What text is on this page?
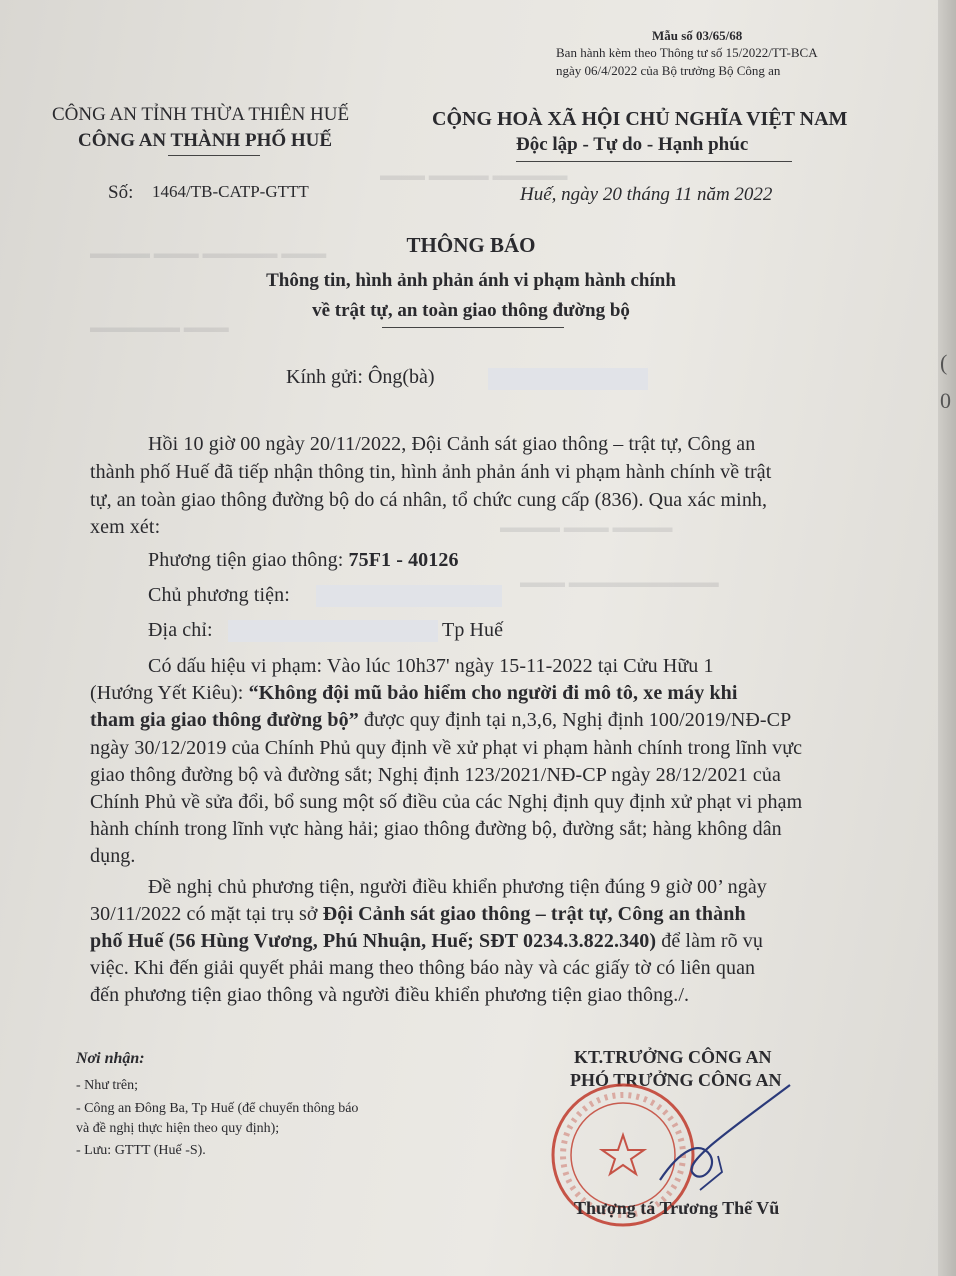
▬▬▬ ▬▬▬▬ ▬▬▬▬▬
▬▬▬▬ ▬▬▬ ▬▬▬▬▬ ▬▬▬
▬▬▬▬▬▬ ▬▬▬
▬▬▬▬ ▬▬▬ ▬▬▬▬
▬▬▬ ▬▬▬▬▬▬▬▬▬▬
Mẫu số 03/65/68
Ban hành kèm theo Thông tư số 15/2022/TT-BCA
ngày 06/4/2022 của Bộ trưởng Bộ Công an
CÔNG AN TỈNH THỪA THIÊN HUẾ
CÔNG AN THÀNH PHỐ HUẾ
CỘNG HOÀ XÃ HỘI CHỦ NGHĨA VIỆT NAM
Độc lập - Tự do - Hạnh phúc
Số: 1464/TB-CATP-GTTT	Huế, ngày 20 tháng 11 năm 2022
THÔNG BÁO
Thông tin, hình ảnh phản ánh vi phạm hành chính
về trật tự, an toàn giao thông đường bộ
Kính gửi: Ông(bà)
Hồi 10 giờ 00 ngày 20/11/2022, Đội Cảnh sát giao thông – trật tự, Công an
thành phố Huế đã tiếp nhận thông tin, hình ảnh phản ánh vi phạm hành chính về trật
tự, an toàn giao thông đường bộ do cá nhân, tổ chức cung cấp (836). Qua xác minh,
xem xét:
Phương tiện giao thông: 75F1 - 40126
Chủ phương tiện:
Địa chỉ:	Tp Huế
Có dấu hiệu vi phạm: Vào lúc 10h37' ngày 15-11-2022 tại Cửu Hữu 1
(Hướng Yết Kiêu): “Không đội mũ bảo hiểm cho người đi mô tô, xe máy khi
tham gia giao thông đường bộ” được quy định tại n,3,6, Nghị định 100/2019/NĐ-CP
ngày 30/12/2019 của Chính Phủ quy định về xử phạt vi phạm hành chính trong lĩnh vực
giao thông đường bộ và đường sắt; Nghị định 123/2021/NĐ-CP ngày 28/12/2021 của
Chính Phủ về sửa đổi, bổ sung một số điều của các Nghị định quy định xử phạt vi phạm
hành chính trong lĩnh vực hàng hải; giao thông đường bộ, đường sắt; hàng không dân
dụng.
Đề nghị chủ phương tiện, người điều khiển phương tiện đúng 9 giờ 00’ ngày
30/11/2022 có mặt tại trụ sở Đội Cảnh sát giao thông – trật tự, Công an thành
phố Huế (56 Hùng Vương, Phú Nhuận, Huế; SĐT 0234.3.822.340) để làm rõ vụ
việc. Khi đến giải quyết phải mang theo thông báo này và các giấy tờ có liên quan
đến phương tiện giao thông và người điều khiển phương tiện giao thông./.
Nơi nhận:
- Như trên;
- Công an Đông Ba, Tp Huế (để chuyển thông báo
và đề nghị thực hiện theo quy định);
- Lưu: GTTT (Huế -S).
KT.TRƯỞNG CÔNG AN
PHÓ TRƯỞNG CÔNG AN
Thượng tá Trương Thế Vũ
(
0
